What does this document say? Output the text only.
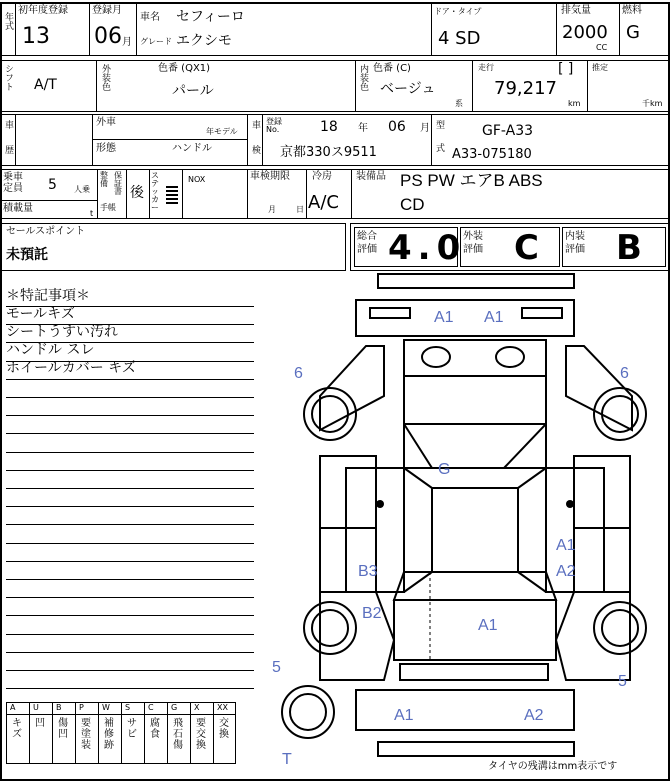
年式
初年度登録
13
登録月
06 月
車名 セフィーロ
グレード エクシモ
ドア・タイプ
4 SD
排気量
2000
CC
燃料
G
シフト A/T	外装色	色番 (QX1)
パール	内装色 色番 (C)
ベージュ
系
走行	[ ]
79,217
km
推定
千km
車歴	外車
年モデル
形態	ハンドル	車検 登録No.	18 年 06 月
京都330ス9511	型式	GF-A33
A33-075180
乗車定員 5 人乗
積載量	t
整備
保証書
手帳
後
ステッカー
NOX	車検期限
月	日
冷房
A/C
装備品 PS PW エアB ABS
CD
セールスポイント
未預託
総合評価 4.0
外装評価 C	内装評価 B
＊特記事項＊
モールキズ
シートうすい汚れ
ハンドル スレ
ホイールカバー キズ
A
キズ
U
凹
B
傷凹
P
要塗装
W
補修跡
S
サビ
C
腐食
G
飛石傷
X
要交換
XX
交換
A1 A1
6	6
G
A1
A2
B3
B2
A1
5
5
A1	A2
T	タイヤの残溝はmm表示です
